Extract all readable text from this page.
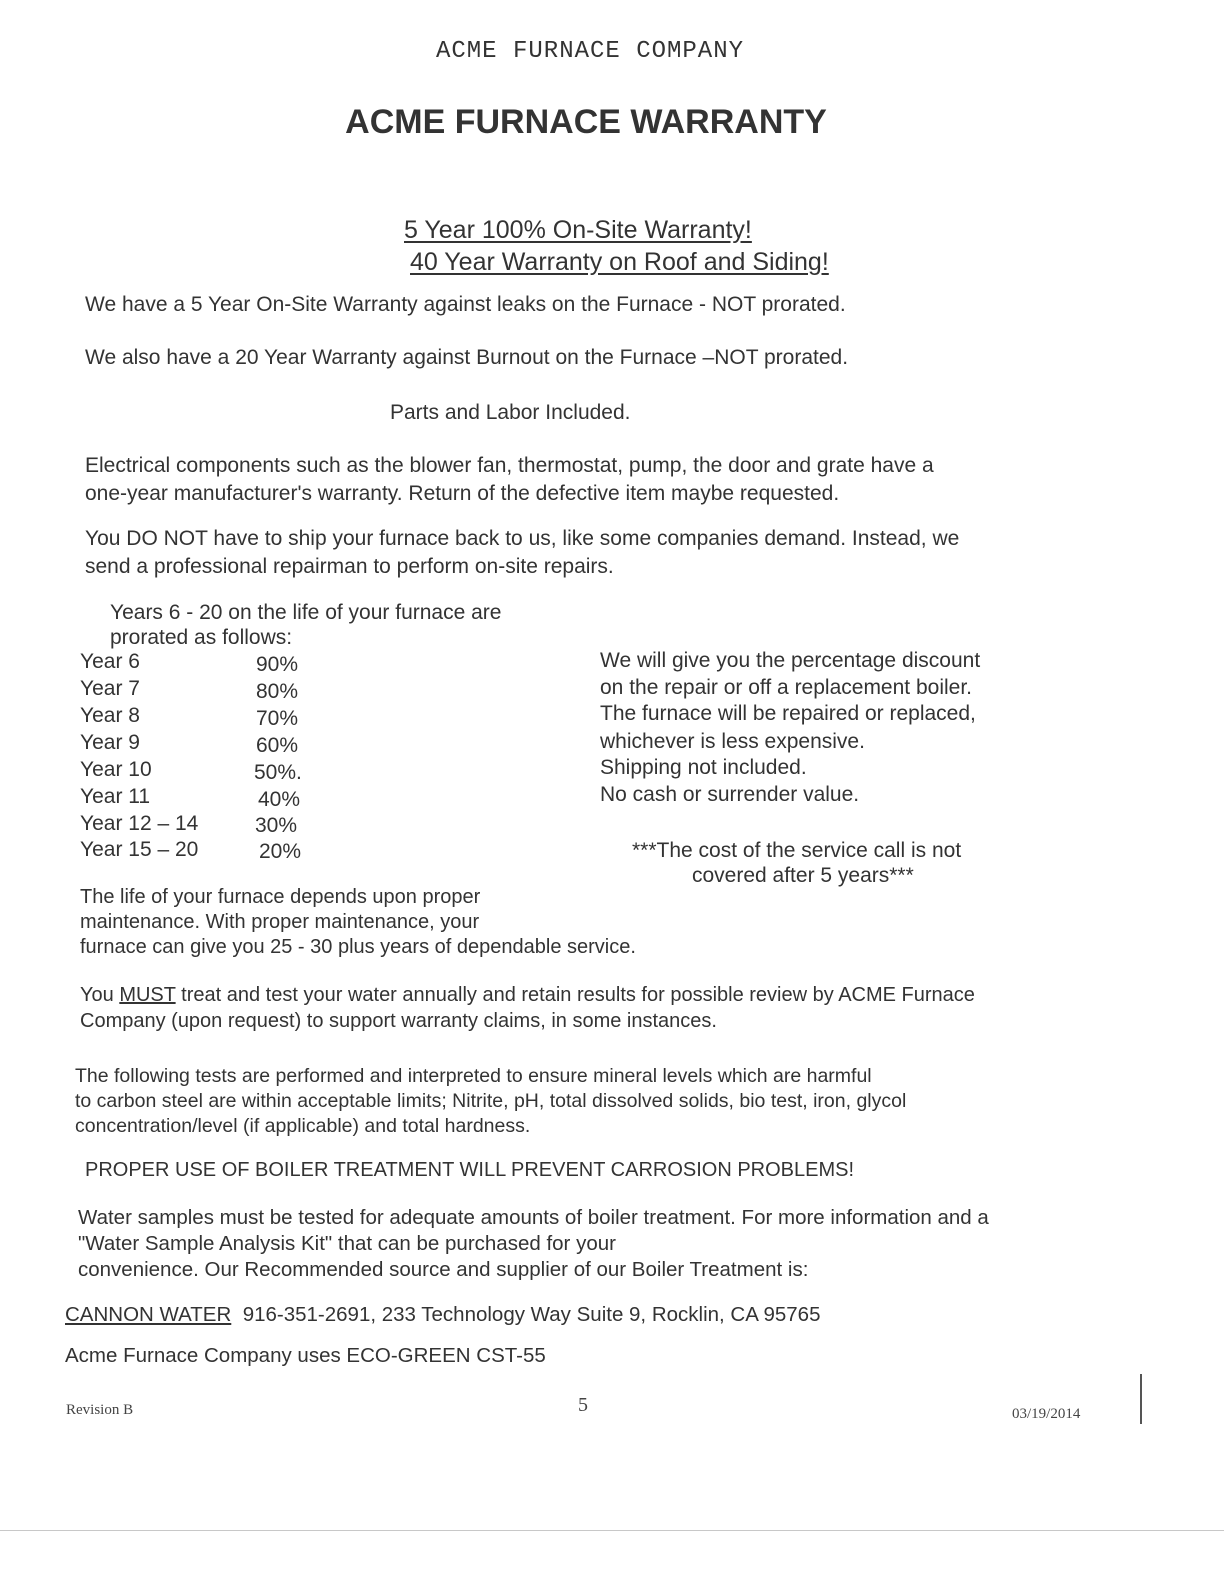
ACME FURNACE COMPANY
ACME FURNACE WARRANTY
5 Year 100% On-Site Warranty!
40 Year Warranty on Roof and Siding!
We have a 5 Year On-Site Warranty against leaks on the Furnace - NOT prorated.
We also have a 20 Year Warranty against Burnout on the Furnace –NOT prorated.
Parts and Labor Included.
Electrical components such as the blower fan, thermostat, pump, the door and grate have a
one-year manufacturer's warranty. Return of the defective item maybe requested.
You DO NOT have to ship your furnace back to us, like some companies demand. Instead, we
send a professional repairman to perform on-site repairs.
Years 6 - 20 on the life of your furnace are
prorated as follows:
Year 6	90%
Year 7	80%
Year 8	70%
Year 9	60%
Year 10	50%.
Year 11	40%
Year 12 – 14	30%
Year 15 – 20	20%
We will give you the percentage discount
on the repair or off a replacement boiler.
The furnace will be repaired or replaced,
whichever is less expensive.
Shipping not included.
No cash or surrender value.
***The cost of the service call is not
covered after 5 years***
The life of your furnace depends upon proper
maintenance. With proper maintenance, your
furnace can give you 25 - 30 plus years of dependable service.
You MUST treat and test your water annually and retain results for possible review by ACME Furnace
Company (upon request) to support warranty claims, in some instances.
The following tests are performed and interpreted to ensure mineral levels which are harmful
to carbon steel are within acceptable limits; Nitrite, pH, total dissolved solids, bio test, iron, glycol
concentration/level (if applicable) and total hardness.
PROPER USE OF BOILER TREATMENT WILL PREVENT CARROSION PROBLEMS!
Water samples must be tested for adequate amounts of boiler treatment. For more information and a
"Water Sample Analysis Kit" that can be purchased for your
convenience. Our Recommended source and supplier of our Boiler Treatment is:
CANNON WATER 916-351-2691, 233 Technology Way Suite 9, Rocklin, CA 95765
Acme Furnace Company uses ECO-GREEN CST-55
Revision B	5	03/19/2014
